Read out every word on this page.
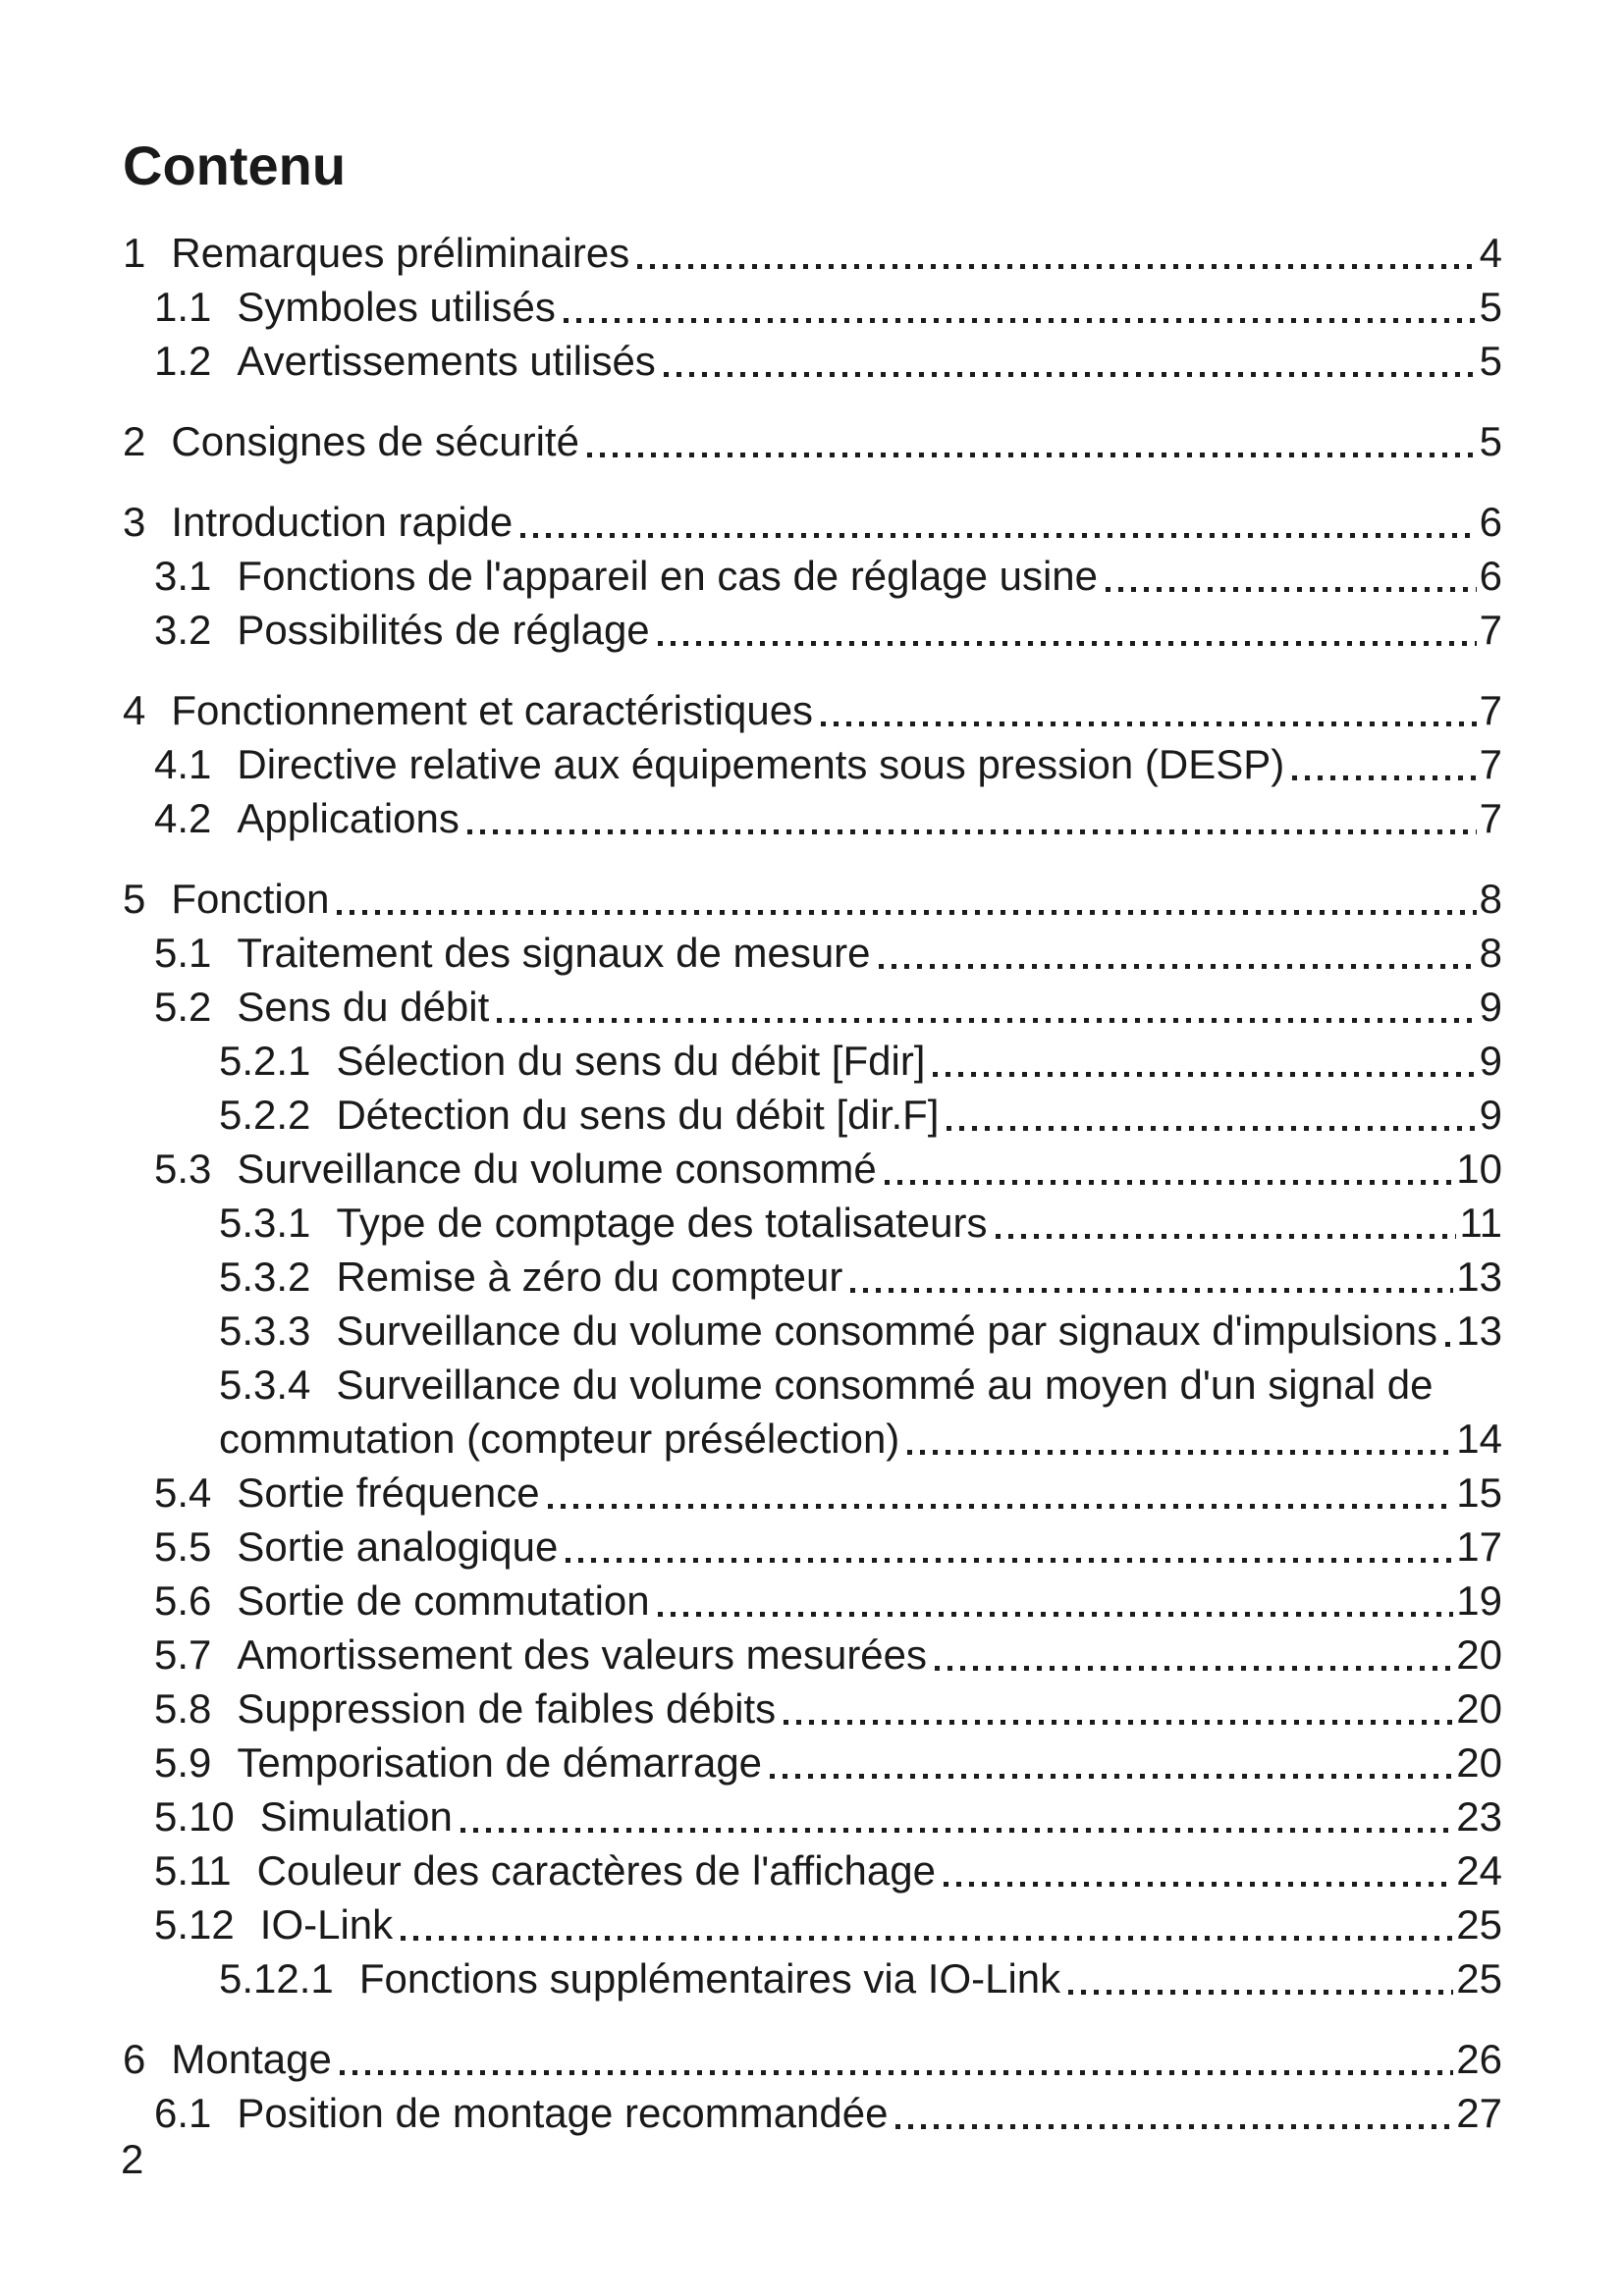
Contenu
1 Remarques préliminaires	4
1.1 Symboles utilisés	5
1.2 Avertissements utilisés	5
2 Consignes de sécurité	5
3 Introduction rapide	6
3.1 Fonctions de l'appareil en cas de réglage usine	6
3.2 Possibilités de réglage	7
4 Fonctionnement et caractéristiques	7
4.1 Directive relative aux équipements sous pression (DESP)	7
4.2 Applications	7
5 Fonction	8
5.1 Traitement des signaux de mesure	8
5.2 Sens du débit	9
5.2.1 Sélection du sens du débit [Fdir]	9
5.2.2 Détection du sens du débit [dir.F]	9
5.3 Surveillance du volume consommé	10
5.3.1 Type de comptage des totalisateurs	11
5.3.2 Remise à zéro du compteur	13
5.3.3 Surveillance du volume consommé par signaux d'impulsions 13
5.3.4 Surveillance du volume consommé au moyen d'un signal de
commutation (compteur présélection)	14
5.4 Sortie fréquence	15
5.5 Sortie analogique	17
5.6 Sortie de commutation	19
5.7 Amortissement des valeurs mesurées	20
5.8 Suppression de faibles débits	20
5.9 Temporisation de démarrage	20
5.10 Simulation	23
5.11 Couleur des caractères de l'affichage	24
5.12 IO-Link	25
5.12.1 Fonctions supplémentaires via IO-Link	25
6 Montage	26
6.1 Position de montage recommandée	27
2
